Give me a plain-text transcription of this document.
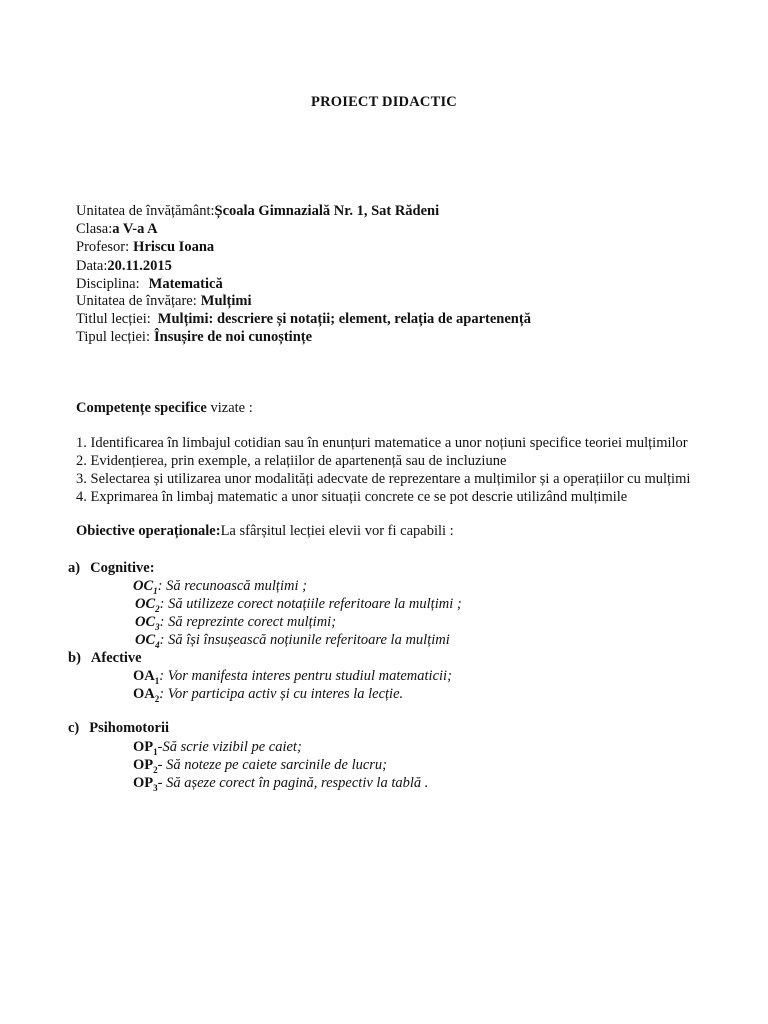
PROIECT DIDACTIC
Unitatea de învățământ:Școala Gimnazială Nr. 1, Sat Rădeni
Clasa:a V-a A
Profesor: Hriscu Ioana
Data:20.11.2015
Disciplina: Matematică
Unitatea de învățare: Mulțimi
Titlul lecției: Mulțimi: descriere și notații; element, relația de apartenență
Tipul lecției: Însușire de noi cunoștințe
Competențe specifice vizate :
1. Identificarea în limbajul cotidian sau în enunțuri matematice a unor noțiuni specifice teoriei mulțimilor
2. Evidențierea, prin exemple, a relațiilor de apartenență sau de incluziune
3. Selectarea și utilizarea unor modalități adecvate de reprezentare a mulțimilor și a operațiilor cu mulțimi
4. Exprimarea în limbaj matematic a unor situații concrete ce se pot descrie utilizând mulțimile
Obiective operaționale:La sfârșitul lecției elevii vor fi capabili :
a) Cognitive:
$OC_1$: Să recunoască mulțimi ;
$OC_2$: Să utilizeze corect notațiile referitoare la mulțimi ;
$OC_3$: Să reprezinte corect mulțimi;
$OC_4$: Să își însușească noțiunile referitoare la mulțimi
b) Afective
$OA_1$: Vor manifesta interes pentru studiul matematicii;
$OA_2$: Vor participa activ și cu interes la lecție.
c) Psihomotorii
$OP_1-Să$ scrie vizibil pe caiet;
$OP_2-$ Să noteze pe caiete sarcinile de lucru;
$OP_3-$ Să așeze corect în pagină, respectiv la tablă .
